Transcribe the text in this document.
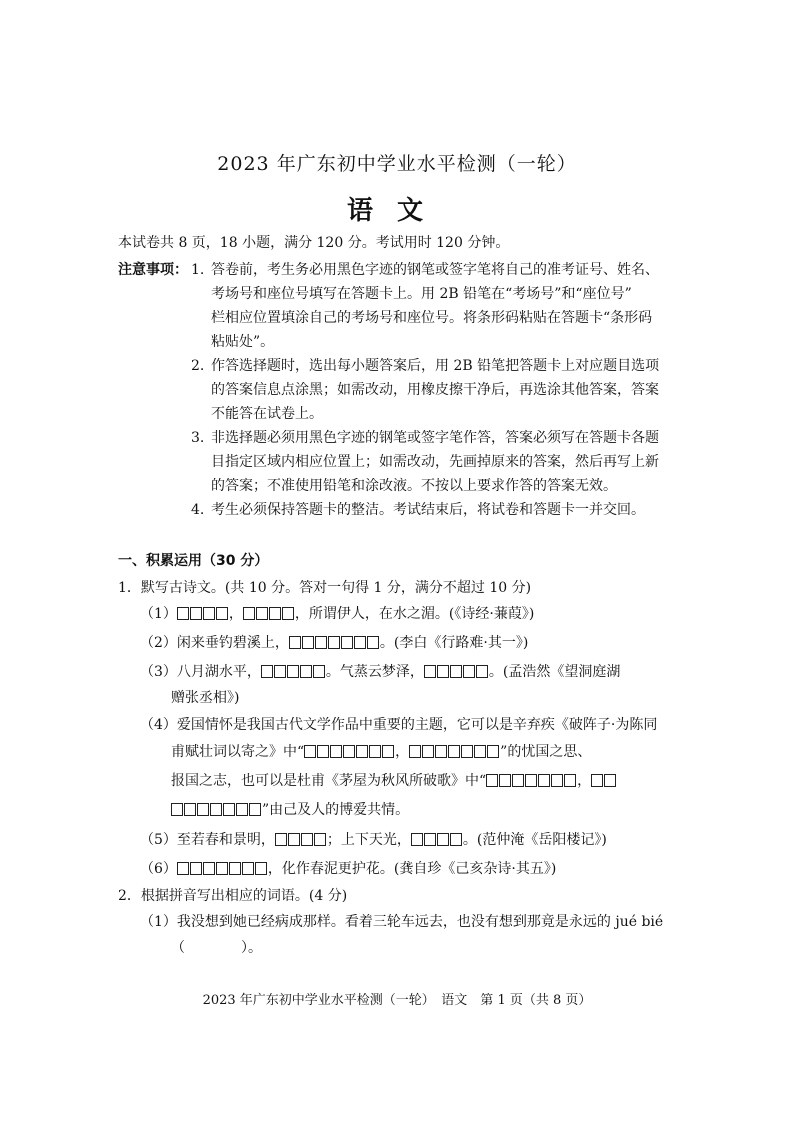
2023 年广东初中学业水平检测（一轮）
语文
本试卷共 8 页，18 小题，满分 120 分。考试用时 120 分钟。
注意事项： 1. 答卷前，考生务必用黑色字迹的钢笔或签字笔将自己的准考证号、姓名、
考场号和座位号填写在答题卡上。用 2B 铅笔在“考场号”和“座位号”
栏相应位置填涂自己的考场号和座位号。将条形码粘贴在答题卡“条形码
粘贴处”。
2. 作答选择题时，选出每小题答案后，用 2B 铅笔把答题卡上对应题目选项
的答案信息点涂黑；如需改动，用橡皮擦干净后，再选涂其他答案，答案
不能答在试卷上。
3. 非选择题必须用黑色字迹的钢笔或签字笔作答，答案必须写在答题卡各题
目指定区域内相应位置上；如需改动，先画掉原来的答案，然后再写上新
的答案；不准使用铅笔和涂改液。不按以上要求作答的答案无效。
4. 考生必须保持答题卡的整洁。考试结束后，将试卷和答题卡一并交回。
一、积累运用（30 分）
1．默写古诗文。(共 10 分。答对一句得 1 分，满分不超过 10 分)
（1）	，	，所谓伊人，在水之湄。(《诗经·蒹葭》)
（2）闲来垂钓碧溪上，	。(李白《行路难·其一》)
（3）八月湖水平，	。气蒸云梦泽，	。(孟浩然《望洞庭湖
赠张丞相》)
（4）爱国情怀是我国古代文学作品中重要的主题，它可以是辛弃疾《破阵子·为陈同
甫赋壮词以寄之》中“	，	”的忧国之思、
报国之志，也可以是杜甫《茅屋为秋风所破歌》中“	，
”由己及人的博爱共情。
（5）至若春和景明，	；上下天光，	。(范仲淹《岳阳楼记》)
（6）	，化作春泥更护花。(龚自珍《己亥杂诗·其五》)
2．根据拼音写出相应的词语。(4 分)
（1）我没想到她已经病成那样。看着三轮车远去，也没有想到那竟是永远的 jué bié
（　　　　）。
2023 年广东初中学业水平检测（一轮）　语文　第 1 页（共 8 页）
